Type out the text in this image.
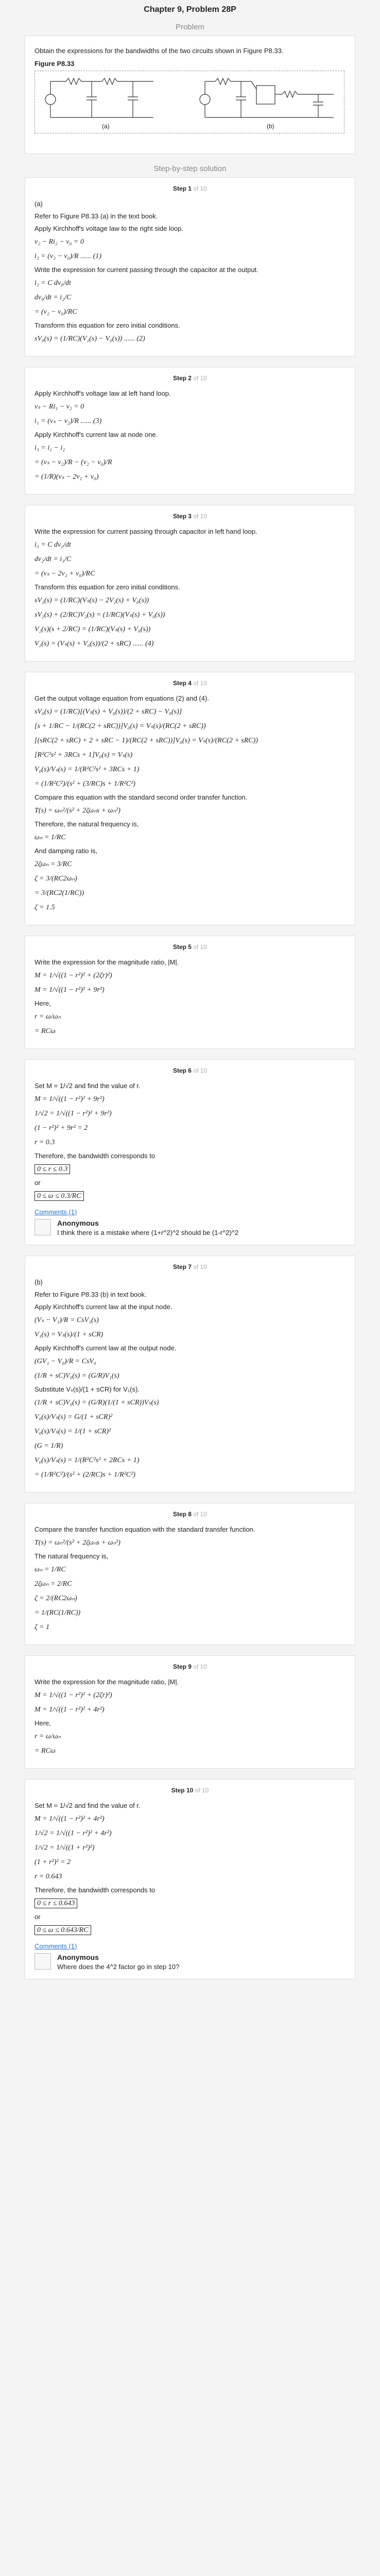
Chapter 9, Problem 28P
Problem
Obtain the expressions for the bandwidths of the two circuits shown in Figure P8.33.
Figure P8.33
(a)	(b)
Step-by-step solution
Step 1 of 10
(a)
Refer to Figure P8.33 (a) in the text book.
Apply Kirchhoff's voltage law to the right side loop.
v₂ − Ri₂ − v₀ = 0
i₂ = (v₂ − v₀)/R ...... (1)
Write the expression for current passing through the capacitor at the output.
i₂ = C dv₀/dt
dv₀/dt = i₂/C
= (v₂ − v₀)/RC
Transform this equation for zero initial conditions.
sV₀(s) = (1/RC)(V₂(s) − V₀(s)) ...... (2)
Step 2 of 10
Apply Kirchhoff's voltage law at left hand loop.
vₛ − Ri₁ − v₂ = 0
i₁ = (vₛ − v₂)/R ...... (3)
Apply Kirchhoff's current law at node one.
i₃ = i₁ − i₂
= (vₛ − v₂)/R − (v₂ − v₀)/R
= (1/R)(vₛ − 2v₂ + v₀)
Step 3 of 10
Write the expression for current passing through capacitor in left hand loop.
i₃ = C dv₂/dt
dv₂/dt = i₃/C
= (vₛ − 2v₂ + v₀)/RC
Transform this equation for zero initial conditions.
sV₂(s) = (1/RC)(Vₛ(s) − 2V₂(s) + V₀(s))
sV₂(s) + (2/RC)V₂(s) = (1/RC)(Vₛ(s) + V₀(s))
V₂(s)(s + 2/RC) = (1/RC)(Vₛ(s) + V₀(s))
V₂(s) = (Vₛ(s) + V₀(s))/(2 + sRC) ...... (4)
Step 4 of 10
Get the output voltage equation from equations (2) and (4).
sV₀(s) = (1/RC)[(Vₛ(s) + V₀(s))/(2 + sRC) − V₀(s)]
[s + 1/RC − 1/(RC(2 + sRC))]V₀(s) = Vₛ(s)/(RC(2 + sRC))
[(sRC(2 + sRC) + 2 + sRC − 1)/(RC(2 + sRC))]V₀(s) = Vₛ(s)/(RC(2 + sRC))
[R²C²s² + 3RCs + 1]V₀(s) = Vₛ(s)
V₀(s)/Vₛ(s) = 1/(R²C²s² + 3RCs + 1)
= (1/R²C²)/(s² + (3/RC)s + 1/R²C²)
Compare this equation with the standard second order transfer function.
T(s) = ωₙ²/(s² + 2ζωₙs + ωₙ²)
Therefore, the natural frequency is,
ωₙ = 1/RC
And damping ratio is,
2ζωₙ = 3/RC
ζ = 3/(RC2ωₙ)
= 3/(RC2(1/RC))
ζ = 1.5
Step 5 of 10
Write the expression for the magnitude ratio, |M|.
M = 1/√((1 − r²)² + (2ζr)²)
M = 1/√((1 − r²)² + 9r²)
Here,
r = ω/ωₙ
= RCω
Step 6 of 10
Set M = 1/√2 and find the value of r.
M = 1/√((1 − r²)² + 9r²)
1/√2 = 1/√((1 − r²)² + 9r²)
(1 − r²)² + 9r² = 2
r = 0.3
Therefore, the bandwidth corresponds to
0 ≤ r ≤ 0.3
or
0 ≤ ω ≤ 0.3/RC
Comments (1)
Anonymous
I think there is a mistake where (1+r^2)^2 should be (1-r^2)^2
Step 7 of 10
(b)
Refer to Figure P8.33 (b) in text book.
Apply Kirchhoff's current law at the input node.
(Vₛ − V₁)/R = CsV₁(s)
V₁(s) = Vₛ(s)/(1 + sCR)
Apply Kirchhoff's current law at the output node.
(GV₁ − V₀)/R = CsV₀
(1/R + sC)V₀(s) = (G/R)V₁(s)
Substitute Vₛ(s)/(1 + sCR) for V₁(s).
(1/R + sC)V₀(s) = (G/R)(1/(1 + sCR))Vₛ(s)
V₀(s)/Vₛ(s) = G/(1 + sCR)²
V₀(s)/Vₛ(s) = 1/(1 + sCR)²
(G = 1/R)
V₀(s)/Vₛ(s) = 1/(R²C²s² + 2RCs + 1)
= (1/R²C²)/(s² + (2/RC)s + 1/R²C²)
Step 8 of 10
Compare the transfer function equation with the standard transfer function.
T(s) = ωₙ²/(s² + 2ζωₙs + ωₙ²)
The natural frequency is,
ωₙ = 1/RC
2ζωₙ = 2/RC
ζ = 2/(RC2ωₙ)
= 1/(RC(1/RC))
ζ = 1
Step 9 of 10
Write the expression for the magnitude ratio, |M|.
M = 1/√((1 − r²)² + (2ζr)²)
M = 1/√((1 − r²)² + 4r²)
Here,
r = ω/ωₙ
= RCω
Step 10 of 10
Set M = 1/√2 and find the value of r.
M = 1/√((1 − r²)² + 4r²)
1/√2 = 1/√((1 − r²)² + 4r²)
1/√2 = 1/√((1 + r²)²)
(1 + r²)² = 2
r = 0.643
Therefore, the bandwidth corresponds to
0 ≤ r ≤ 0.643
or
0 ≤ ω ≤ 0.643/RC
Comments (1)
Anonymous
Where does the 4^2 factor go in step 10?
